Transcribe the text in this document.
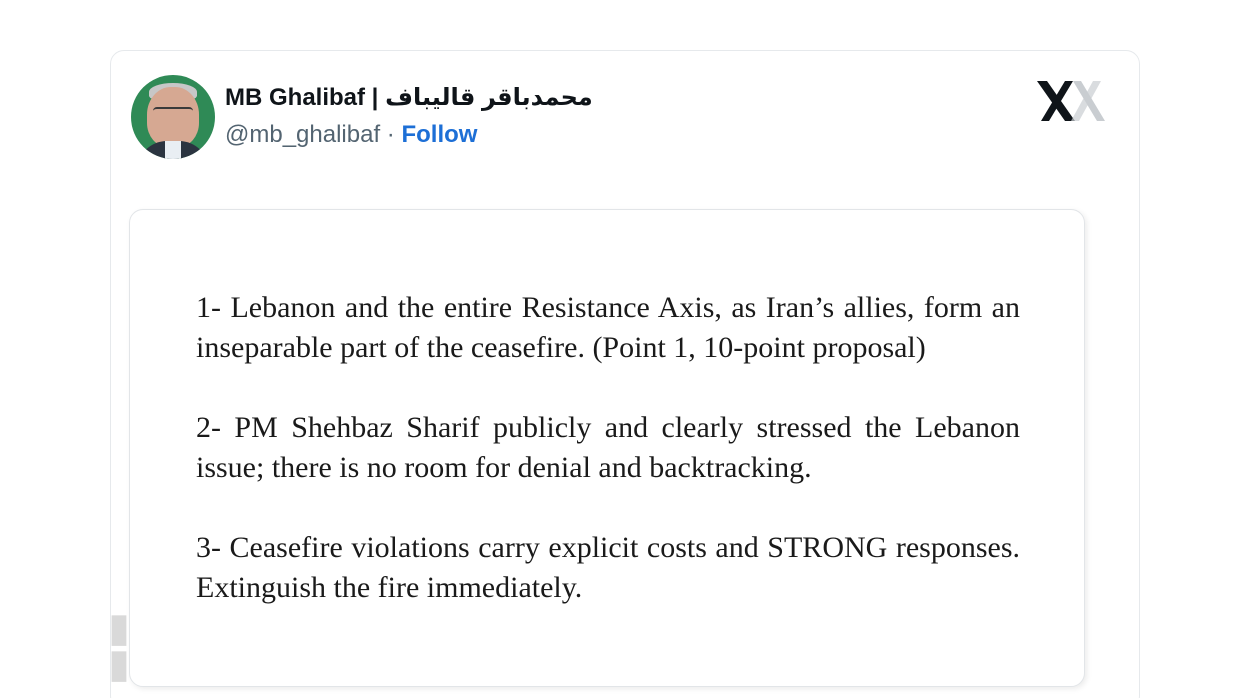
MB Ghalibaf | محمدباقر قالیباف
@mb_ghalibaf · Follow

1- Lebanon and the entire Resistance Axis, as Iran’s allies, form an inseparable part of the ceasefire. (Point 1, 10-point proposal)

2- PM Shehbaz Sharif publicly and clearly stressed the Lebanon issue; there is no room for denial and backtracking.

3- Ceasefire violations carry explicit costs and STRONG responses. Extinguish the fire immediately.

▮
▮
